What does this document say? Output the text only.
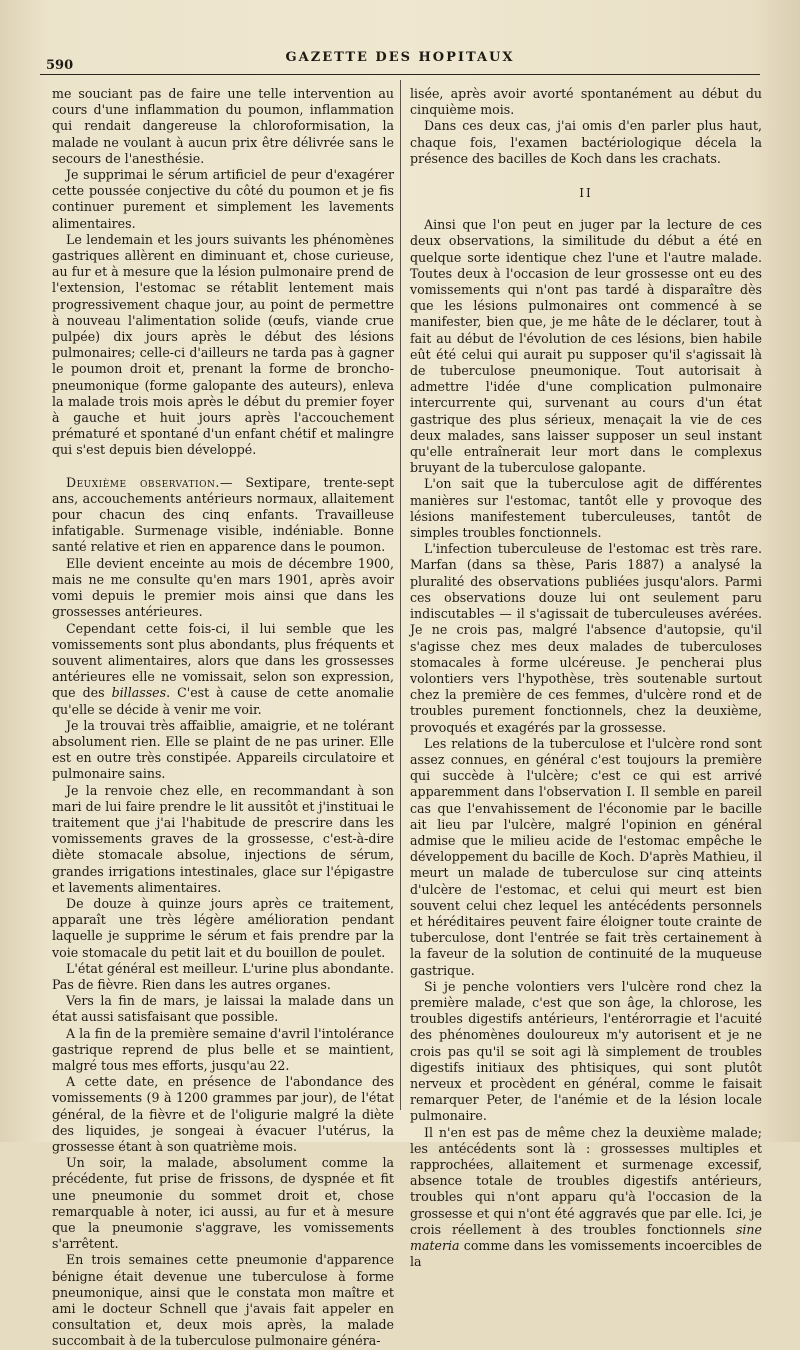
590
GAZETTE DES HOPITAUX

me souciant pas de faire une telle intervention au cours d'une inflammation du poumon, inflammation qui rendait dangereuse la chloroformisation, la malade ne voulant à aucun prix être délivrée sans le secours de l'anesthésie.

Je supprimai le sérum artificiel de peur d'exagérer cette poussée conjective du côté du poumon et je fis continuer purement et simplement les lavements alimentaires.

Le lendemain et les jours suivants les phénomènes gastriques allèrent en diminuant et, chose curieuse, au fur et à mesure que la lésion pulmonaire prend de l'extension, l'estomac se rétablit lentement mais progressivement chaque jour, au point de permettre à nouveau l'alimentation solide (œufs, viande crue pulpée) dix jours après le début des lésions pulmonaires; celle-ci d'ailleurs ne tarda pas à gagner le poumon droit et, prenant la forme de broncho-pneumonique (forme galopante des auteurs), enleva la malade trois mois après le début du premier foyer à gauche et huit jours après l'accouchement prématuré et spontané d'un enfant chétif et malingre qui s'est depuis bien développé.

Deuxième observation.— Sextipare, trente-sept ans, accouchements antérieurs normaux, allaitement pour chacun des cinq enfants. Travailleuse infatigable. Surmenage visible, indéniable. Bonne santé relative et rien en apparence dans le poumon.

Elle devient enceinte au mois de décembre 1900, mais ne me consulte qu'en mars 1901, après avoir vomi depuis le premier mois ainsi que dans les grossesses antérieures.

Cependant cette fois-ci, il lui semble que les vomissements sont plus abondants, plus fréquents et souvent alimentaires, alors que dans les grossesses antérieures elle ne vomissait, selon son expression, que des billasses. C'est à cause de cette anomalie qu'elle se décide à venir me voir.

Je la trouvai très affaiblie, amaigrie, et ne tolérant absolument rien. Elle se plaint de ne pas uriner. Elle est en outre très constipée. Appareils circulatoire et pulmonaire sains.

Je la renvoie chez elle, en recommandant à son mari de lui faire prendre le lit aussitôt et j'instituai le traitement que j'ai l'habitude de prescrire dans les vomissements graves de la grossesse, c'est-à-dire diète stomacale absolue, injections de sérum, grandes irrigations intestinales, glace sur l'épigastre et lavements alimentaires.

De douze à quinze jours après ce traitement, apparaît une très légère amélioration pendant laquelle je supprime le sérum et fais prendre par la voie stomacale du petit lait et du bouillon de poulet.

L'état général est meilleur. L'urine plus abondante. Pas de fièvre. Rien dans les autres organes.

Vers la fin de mars, je laissai la malade dans un état aussi satisfaisant que possible.

A la fin de la première semaine d'avril l'intolérance gastrique reprend de plus belle et se maintient, malgré tous mes efforts, jusqu'au 22.

A cette date, en présence de l'abondance des vomissements (9 à 1200 grammes par jour), de l'état général, de la fièvre et de l'oligurie malgré la diète des liquides, je songeai à évacuer l'utérus, la grossesse étant à son quatrième mois.

Un soir, la malade, absolument comme la précédente, fut prise de frissons, de dyspnée et fit une pneumonie du sommet droit et, chose remarquable à noter, ici aussi, au fur et à mesure que la pneumonie s'aggrave, les vomissements s'arrêtent.

En trois semaines cette pneumonie d'apparence bénigne était devenue une tuberculose à forme pneumonique, ainsi que le constata mon maître et ami le docteur Schnell que j'avais fait appeler en consultation et, deux mois après, la malade succombait à de la tuberculose pulmonaire généra-

lisée, après avoir avorté spontanément au début du cinquième mois.

Dans ces deux cas, j'ai omis d'en parler plus haut, chaque fois, l'examen bactériologique décela la présence des bacilles de Koch dans les crachats.

II

Ainsi que l'on peut en juger par la lecture de ces deux observations, la similitude du début a été en quelque sorte identique chez l'une et l'autre malade. Toutes deux à l'occasion de leur grossesse ont eu des vomissements qui n'ont pas tardé à disparaître dès que les lésions pulmonaires ont commencé à se manifester, bien que, je me hâte de le déclarer, tout à fait au début de l'évolution de ces lésions, bien habile eût été celui qui aurait pu supposer qu'il s'agissait là de tuberculose pneumonique. Tout autorisait à admettre l'idée d'une complication pulmonaire intercurrente qui, survenant au cours d'un état gastrique des plus sérieux, menaçait la vie de ces deux malades, sans laisser supposer un seul instant qu'elle entraînerait leur mort dans le complexus bruyant de la tuberculose galopante.

L'on sait que la tuberculose agit de différentes manières sur l'estomac, tantôt elle y provoque des lésions manifestement tuberculeuses, tantôt de simples troubles fonctionnels.

L'infection tuberculeuse de l'estomac est très rare. Marfan (dans sa thèse, Paris 1887) a analysé la pluralité des observations publiées jusqu'alors. Parmi ces observations douze lui ont seulement paru indiscutables — il s'agissait de tuberculeuses avérées. Je ne crois pas, malgré l'absence d'autopsie, qu'il s'agisse chez mes deux malades de tuberculoses stomacales à forme ulcéreuse. Je pencherai plus volontiers vers l'hypothèse, très soutenable surtout chez la première de ces femmes, d'ulcère rond et de troubles purement fonctionnels, chez la deuxième, provoqués et exagérés par la grossesse.

Les relations de la tuberculose et l'ulcère rond sont assez connues, en général c'est toujours la première qui succède à l'ulcère; c'est ce qui est arrivé apparemment dans l'observation I. Il semble en pareil cas que l'envahissement de l'économie par le bacille ait lieu par l'ulcère, malgré l'opinion en général admise que le milieu acide de l'estomac empêche le développement du bacille de Koch. D'après Mathieu, il meurt un malade de tuberculose sur cinq atteints d'ulcère de l'estomac, et celui qui meurt est bien souvent celui chez lequel les antécédents personnels et héréditaires peuvent faire éloigner toute crainte de tuberculose, dont l'entrée se fait très certainement à la faveur de la solution de continuité de la muqueuse gastrique.

Si je penche volontiers vers l'ulcère rond chez la première malade, c'est que son âge, la chlorose, les troubles digestifs antérieurs, l'entérorragie et l'acuité des phénomènes douloureux m'y autorisent et je ne crois pas qu'il se soit agi là simplement de troubles digestifs initiaux des phtisiques, qui sont plutôt nerveux et procèdent en général, comme le faisait remarquer Peter, de l'anémie et de la lésion locale pulmonaire.

Il n'en est pas de même chez la deuxième malade; les antécédents sont là : grossesses multiples et rapprochées, allaitement et surmenage excessif, absence totale de troubles digestifs antérieurs, troubles qui n'ont apparu qu'à l'occasion de la grossesse et qui n'ont été aggravés que par elle. Ici, je crois réellement à des troubles fonctionnels sine materia comme dans les vomissements incoercibles de la
